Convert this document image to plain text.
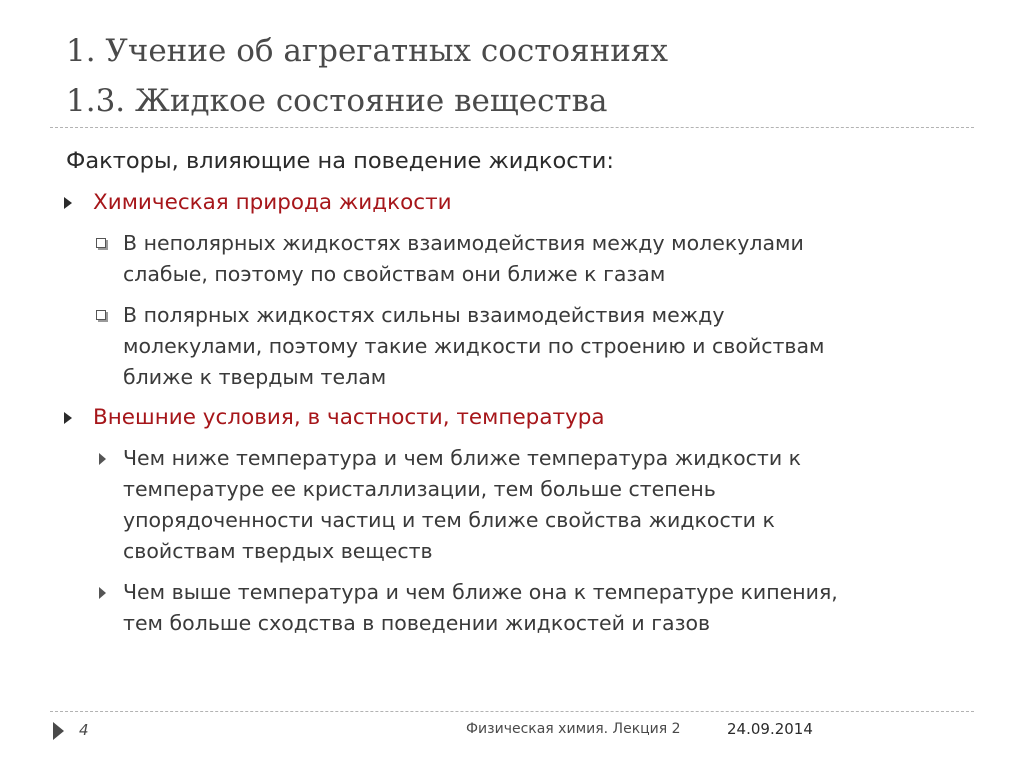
1. Учение об агрегатных состояниях
1.3. Жидкое состояние вещества

Факторы, влияющие на поведение жидкости:

Химическая природа жидкости
В неполярных жидкостях взаимодействия между молекулами
слабые, поэтому по свойствам они ближе к газам
В полярных жидкостях сильны взаимодействия между
молекулами, поэтому такие жидкости по строению и свойствам
ближе к твердым телам
Внешние условия, в частности, температура
Чем ниже температура и чем ближе температура жидкости к
температуре ее кристаллизации, тем больше степень
упорядоченности частиц и тем ближе свойства жидкости к
свойствам твердых веществ
Чем выше температура и чем ближе она к температуре кипения,
тем больше сходства в поведении жидкостей и газов
4	Физическая химия. Лекция 2	24.09.2014
